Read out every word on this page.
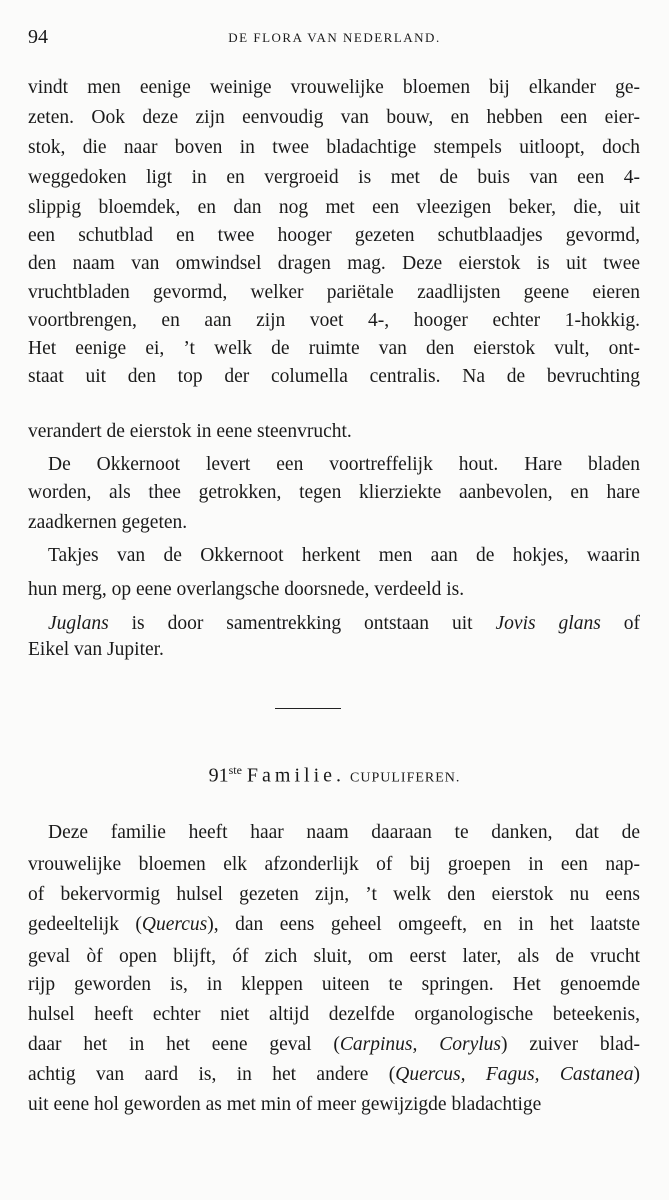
94	DE FLORA VAN NEDERLAND.
vindt men eenige weinige vrouwelijke bloemen bij elkander ge-
zeten. Ook deze zijn eenvoudig van bouw, en hebben een eier-
stok, die naar boven in twee bladachtige stempels uitloopt, doch
weggedoken ligt in en vergroeid is met de buis van een 4-
slippig bloemdek, en dan nog met een vleezigen beker, die, uit
een schutblad en twee hooger gezeten schutblaadjes gevormd,
den naam van omwindsel dragen mag. Deze eierstok is uit twee
vruchtbladen gevormd, welker pariëtale zaadlijsten geene eieren
voortbrengen, en aan zijn voet 4-, hooger echter 1-hokkig.
Het eenige ei, ’t welk de ruimte van den eierstok vult, ont-
staat uit den top der columella centralis. Na de bevruchting
verandert de eierstok in eene steenvrucht.
De Okkernoot levert een voortreffelijk hout. Hare bladen
worden, als thee getrokken, tegen klierziekte aanbevolen, en hare
zaadkernen gegeten.
Takjes van de Okkernoot herkent men aan de hokjes, waarin
hun merg, op eene overlangsche doorsnede, verdeeld is.
Juglans is door samentrekking ontstaan uit Jovis glans of
Eikel van Jupiter.
91ste Familie. CUPULIFEREN.
Deze familie heeft haar naam daaraan te danken, dat de
vrouwelijke bloemen elk afzonderlijk of bij groepen in een nap-
of bekervormig hulsel gezeten zijn, ’t welk den eierstok nu eens
gedeeltelijk (Quercus), dan eens geheel omgeeft, en in het laatste
geval òf open blijft, óf zich sluit, om eerst later, als de vrucht
rijp geworden is, in kleppen uiteen te springen. Het genoemde
hulsel heeft echter niet altijd dezelfde organologische beteekenis,
daar het in het eene geval (Carpinus, Corylus) zuiver blad-
achtig van aard is, in het andere (Quercus, Fagus, Castanea)
uit eene hol geworden as met min of meer gewijzigde bladachtige
